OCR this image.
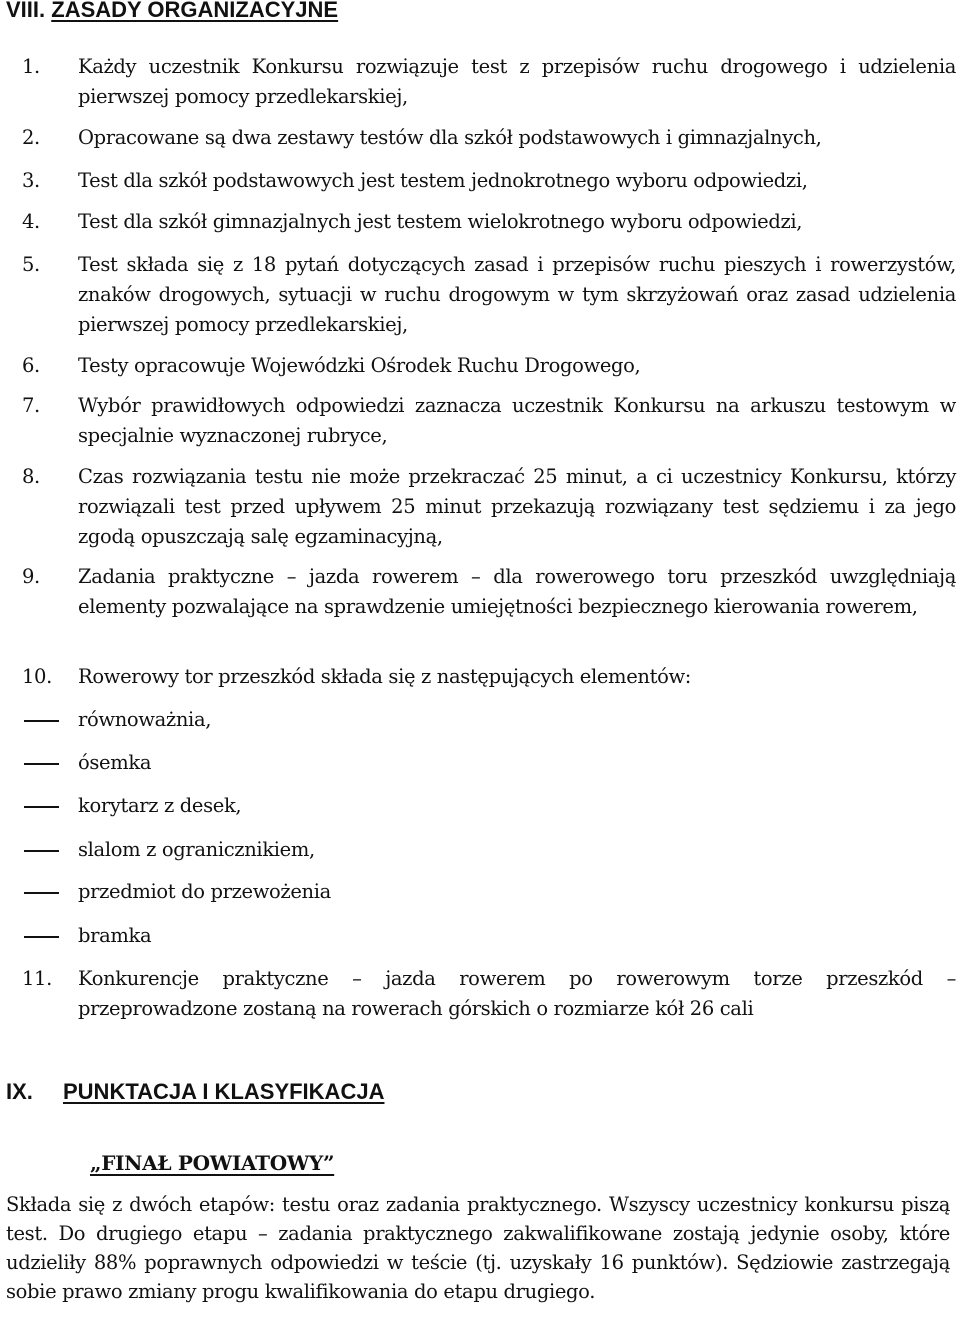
VIII. ZASADY ORGANIZACYJNE
1.	Każdy uczestnik Konkursu rozwiązuje test z przepisów ruchu drogowego i udzielenia pierwszej pomocy przedlekarskiej,
2.	Opracowane są dwa zestawy testów dla szkół podstawowych i gimnazjalnych,
3.	Test dla szkół podstawowych jest testem jednokrotnego wyboru odpowiedzi,
4.	Test dla szkół gimnazjalnych jest testem wielokrotnego wyboru odpowiedzi,
5.	Test składa się z 18 pytań dotyczących zasad i przepisów ruchu pieszych i rowerzystów, znaków drogowych, sytuacji w ruchu drogowym w tym skrzyżowań oraz zasad udzielenia pierwszej pomocy przedlekarskiej,
6.	Testy opracowuje Wojewódzki Ośrodek Ruchu Drogowego,
7.	Wybór prawidłowych odpowiedzi zaznacza uczestnik Konkursu na arkuszu testowym w specjalnie wyznaczonej rubryce,
8.	Czas rozwiązania testu nie może przekraczać 25 minut, a ci uczestnicy Konkursu, którzy rozwiązali test przed upływem 25 minut przekazują rozwiązany test sędziemu i za jego zgodą opuszczają salę egzaminacyjną,
9.	Zadania praktyczne – jazda rowerem – dla rowerowego toru przeszkód uwzględniają elementy pozwalające na sprawdzenie umiejętności bezpiecznego kierowania rowerem,
10.	Rowerowy tor przeszkód składa się z następujących elementów:
równoważnia,
ósemka
korytarz z desek,
slalom z ogranicznikiem,
przedmiot do przewożenia
bramka
11.	Konkurencje praktyczne – jazda rowerem po rowerowym torze przeszkód – przeprowadzone zostaną na rowerach górskich o rozmiarze kół 26 cali
IX. PUNKTACJA I KLASYFIKACJA
„FINAŁ POWIATOWY”
Składa się z dwóch etapów: testu oraz zadania praktycznego. Wszyscy uczestnicy konkursu piszą test. Do drugiego etapu – zadania praktycznego zakwalifikowane zostają jedynie osoby, które udzieliły 88% poprawnych odpowiedzi w teście (tj. uzyskały 16 punktów). Sędziowie zastrzegają sobie prawo zmiany progu kwalifikowania do etapu drugiego.
